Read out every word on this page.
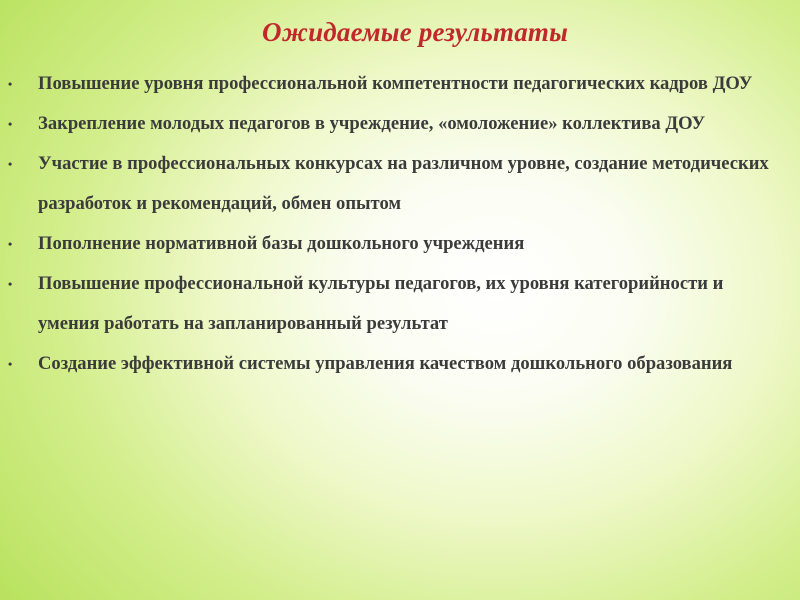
Ожидаемые результаты
• Повышение уровня профессиональной компетентности педагогических кадров ДОУ
• Закрепление молодых педагогов в учреждение, «омоложение» коллектива ДОУ
• Участие в профессиональных конкурсах на различном уровне, создание методических разработок и рекомендаций, обмен опытом
• Пополнение нормативной базы дошкольного учреждения
• Повышение профессиональной культуры педагогов, их уровня категорийности и умения работать на запланированный результат
• Создание эффективной системы управления качеством дошкольного образования
